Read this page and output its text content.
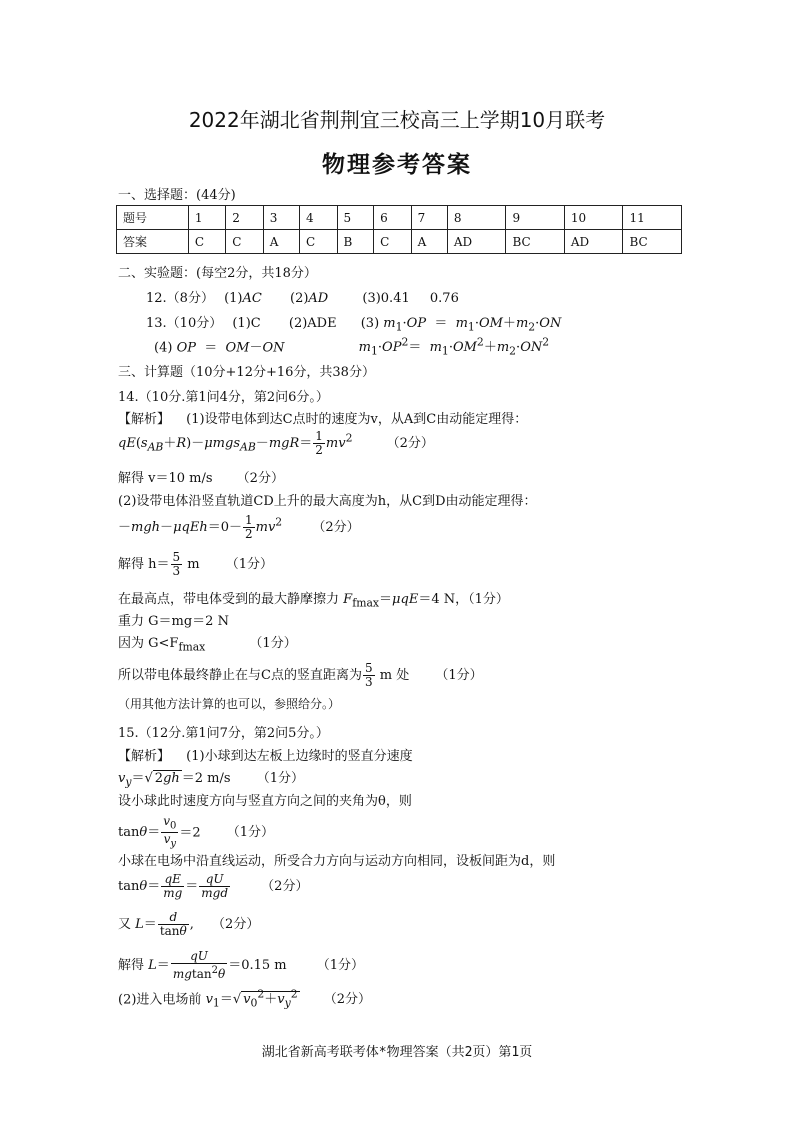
2022年湖北省荆荆宜三校高三上学期10月联考
物理参考答案
一、选择题：(44分)
题号	1	2	3	4	5	6	7	8	9	10	11
答案	C	C	A	C	B	C	A	AD	BC	AD	BC
二、实验题：(每空2分，共18分）
12.（8分） (1)AC (2)AD	(3)0.41 0.76
13.（10分） (1)C (2)ADE (3) $m_1\cdot OP = m_1\cdot OM+m_2\cdot ON$
(4) OP  ＝  OM－ON	$m_1\cdot OP^2= m_1\cdot OM^2+m_2\cdot ON^2$
三、计算题（10分+12分+16分，共38分）
14.（10分.第1问4分，第2问6分。）
【解析】 (1)设带电体到达C点时的速度为v，从A到C由动能定理得：
$qE(s_{AB}+R)-\mu mgs_{AB}-mgR= \frac{1}{2} mv^2$	（2分）
解得 v＝10 m/s （2分）
(2)设带电体沿竖直轨道CD上升的最大高度为h，从C到D由动能定理得：
$-mgh-\mu qEh=0- \frac{1}{2} mv^2$ （2分）
解得 $h= \frac{5}{3}$ m （1分）
在最高点，带电体受到的最大静摩擦力 $F_{fmax}=\mu qE=4$ N，（1分）
重力 G＝mg＝2 N
因为 $G<F_{fmax}$	（1分）
所以带电体最终静止在与C点的竖直距离为 $\frac{5}{3}$ m 处 （1分）
（用其他方法计算的也可以，参照给分。）
15.（12分.第1问7分，第2问5分。）
【解析】 (1)小球到达左板上边缘时的竖直分速度
$v_y=√$ 2gh ＝2 m/s （1分）
设小球此时速度方向与竖直方向之间的夹角为θ，则
$\tan\theta= \frac{v_0}{v_y} =2$ （1分）
小球在电场中沿直线运动，所受合力方向与运动方向相同，设板间距为d，则
$\tan\theta= \frac{qE}{mg} = \frac{qU}{\text{mgd}} (2$分）
又 $L= \frac{d}{\tan\theta}$ , （2分）
解得 $L= \frac{qU}{mgtan^2\theta} =0.15$ m （1分）
(2)进入电场前 $v_1=√$ $v_0^2+v_y^2$ （2分）
湖北省新高考联考体*物理答案（共2页）第1页
